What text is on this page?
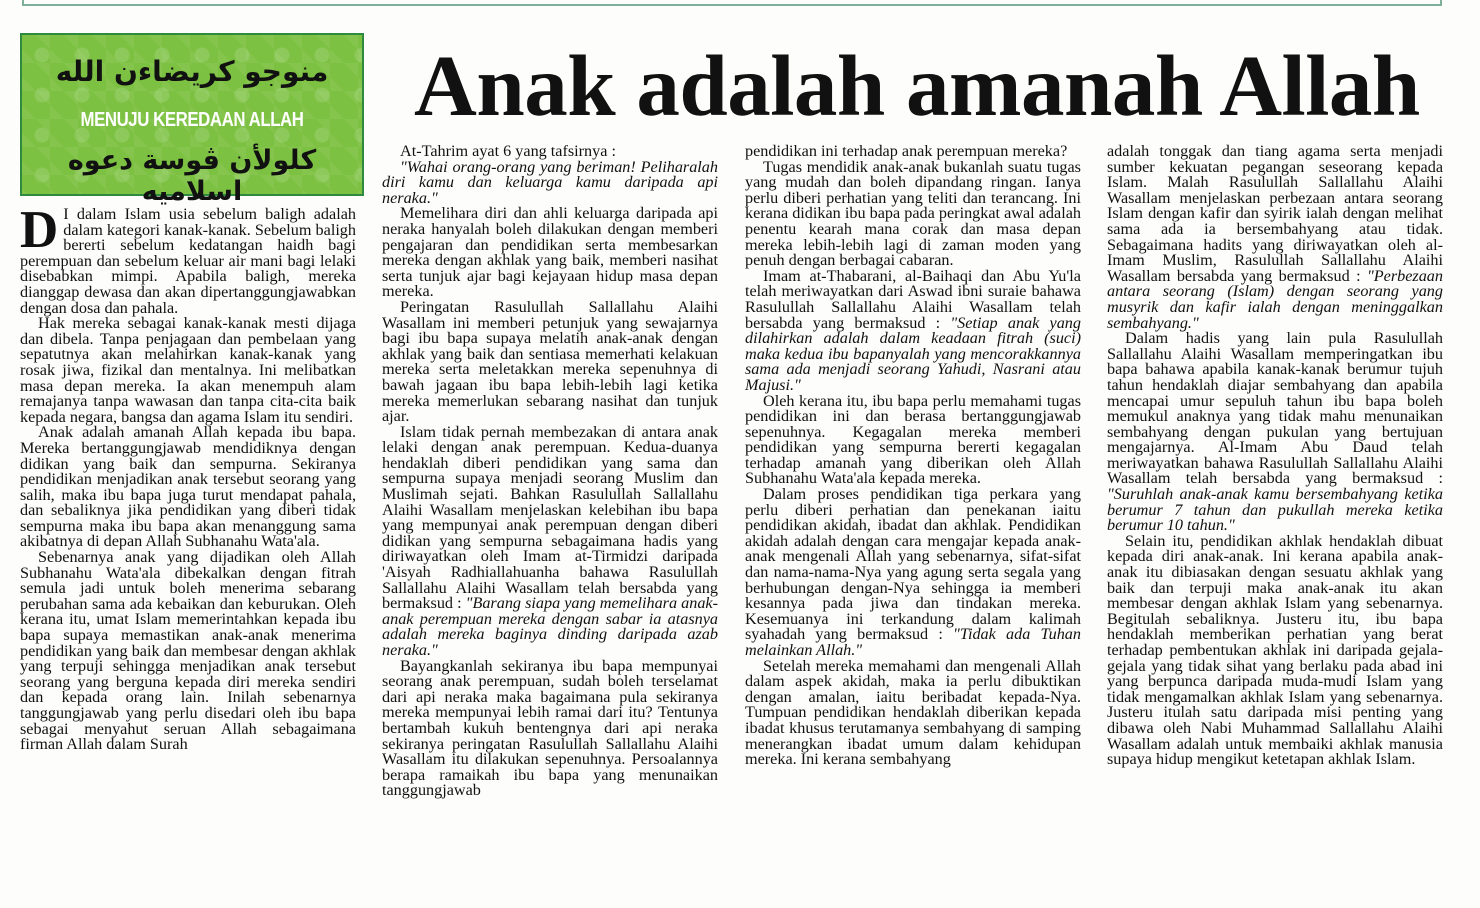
منوجو كريضاءن الله
MENUJU KEREDAAN ALLAH
كلولأن ڤوسة دعوه اسلاميه
Anak adalah amanah Allah

D I dalam Islam usia sebelum baligh adalah dalam kategori kanak-kanak. Sebelum baligh bererti sebelum kedatangan haidh bagi perempuan dan sebelum keluar air mani bagi lelaki disebabkan mimpi. Apabila baligh, mereka dianggap dewasa dan akan dipertanggungjawabkan dengan dosa dan pahala.

Hak mereka sebagai kanak-kanak mesti dijaga dan dibela. Tanpa penjagaan dan pembelaan yang sepatutnya akan melahirkan kanak-kanak yang rosak jiwa, fizikal dan mentalnya. Ini melibatkan masa depan mereka. Ia akan menempuh alam remajanya tanpa wawasan dan tanpa cita-cita baik kepada negara, bangsa dan agama Islam itu sendiri.

Anak adalah amanah Allah kepada ibu bapa. Mereka bertanggungjawab mendidiknya dengan didikan yang baik dan sempurna. Sekiranya pendidikan menjadikan anak tersebut seorang yang salih, maka ibu bapa juga turut mendapat pahala, dan sebaliknya jika pendidikan yang diberi tidak sempurna maka ibu bapa akan menanggung sama akibatnya di depan Allah Subhanahu Wata'ala.

Sebenarnya anak yang dijadikan oleh Allah Subhanahu Wata'ala dibekalkan dengan fitrah semula jadi untuk boleh menerima sebarang perubahan sama ada kebaikan dan keburukan. Oleh kerana itu, umat Islam memerintahkan kepada ibu bapa supaya memastikan anak-anak menerima pendidikan yang baik dan membesar dengan akhlak yang terpuji sehingga menjadikan anak tersebut seorang yang berguna kepada diri mereka sendiri dan kepada orang lain. Inilah sebenarnya tanggungjawab yang perlu disedari oleh ibu bapa sebagai menyahut seruan Allah sebagaimana firman Allah dalam Surah

At-Tahrim ayat 6 yang tafsirnya :

"Wahai orang-orang yang beriman! Peliharalah diri kamu dan keluarga kamu daripada api neraka."

Memelihara diri dan ahli keluarga daripada api neraka hanyalah boleh dilakukan dengan memberi pengajaran dan pendidikan serta membesarkan mereka dengan akhlak yang baik, memberi nasihat serta tunjuk ajar bagi kejayaan hidup masa depan mereka.

Peringatan Rasulullah Sallallahu Alaihi Wasallam ini memberi petunjuk yang sewajarnya bagi ibu bapa supaya melatih anak-anak dengan akhlak yang baik dan sentiasa memerhati kelakuan mereka serta meletakkan mereka sepenuhnya di bawah jagaan ibu bapa lebih-lebih lagi ketika mereka memerlukan sebarang nasihat dan tunjuk ajar.

Islam tidak pernah membezakan di antara anak lelaki dengan anak perempuan. Kedua-duanya hendaklah diberi pendidikan yang sama dan sempurna supaya menjadi seorang Muslim dan Muslimah sejati. Bahkan Rasulullah Sallallahu Alaihi Wasallam menjelaskan kelebihan ibu bapa yang mempunyai anak perempuan dengan diberi didikan yang sempurna sebagaimana hadis yang diriwayatkan oleh Imam at-Tirmidzi daripada 'Aisyah Radhiallahuanha bahawa Rasulullah Sallallahu Alaihi Wasallam telah bersabda yang bermaksud : "Barang siapa yang memelihara anak-anak perempuan mereka dengan sabar ia atasnya adalah mereka baginya dinding daripada azab neraka."

Bayangkanlah sekiranya ibu bapa mempunyai seorang anak perempuan, sudah boleh terselamat dari api neraka maka bagaimana pula sekiranya mereka mempunyai lebih ramai dari itu? Tentunya bertambah kukuh bentengnya dari api neraka sekiranya peringatan Rasulullah Sallallahu Alaihi Wasallam itu dilakukan sepenuhnya. Persoalannya berapa ramaikah ibu bapa yang menunaikan tanggungjawab

pendidikan ini terhadap anak perempuan mereka?

Tugas mendidik anak-anak bukanlah suatu tugas yang mudah dan boleh dipandang ringan. Ianya perlu diberi perhatian yang teliti dan terancang. Ini kerana didikan ibu bapa pada peringkat awal adalah penentu kearah mana corak dan masa depan mereka lebih-lebih lagi di zaman moden yang penuh dengan berbagai cabaran.

Imam at-Thabarani, al-Baihaqi dan Abu Yu'la telah meriwayatkan dari Aswad ibni suraie bahawa Rasulullah Sallallahu Alaihi Wasallam telah bersabda yang bermaksud : "Setiap anak yang dilahirkan adalah dalam keadaan fitrah (suci) maka kedua ibu bapanyalah yang mencorakkannya sama ada menjadi seorang Yahudi, Nasrani atau Majusi."

Oleh kerana itu, ibu bapa perlu memahami tugas pendidikan ini dan berasa bertanggungjawab sepenuhnya. Kegagalan mereka memberi pendidikan yang sempurna bererti kegagalan terhadap amanah yang diberikan oleh Allah Subhanahu Wata'ala kepada mereka.

Dalam proses pendidikan tiga perkara yang perlu diberi perhatian dan penekanan iaitu pendidikan akidah, ibadat dan akhlak. Pendidikan akidah adalah dengan cara mengajar kepada anak-anak mengenali Allah yang sebenarnya, sifat-sifat dan nama-nama-Nya yang agung serta segala yang berhubungan dengan-Nya sehingga ia memberi kesannya pada jiwa dan tindakan mereka. Kesemuanya ini terkandung dalam kalimah syahadah yang bermaksud : "Tidak ada Tuhan melainkan Allah."

Setelah mereka memahami dan mengenali Allah dalam aspek akidah, maka ia perlu dibuktikan dengan amalan, iaitu beribadat kepada-Nya. Tumpuan pendidikan hendaklah diberikan kepada ibadat khusus terutamanya sembahyang di samping menerangkan ibadat umum dalam kehidupan mereka. Ini kerana sembahyang

adalah tonggak dan tiang agama serta menjadi sumber kekuatan pegangan seseorang kepada Islam. Malah Rasulullah Sallallahu Alaihi Wasallam menjelaskan perbezaan antara seorang Islam dengan kafir dan syirik ialah dengan melihat sama ada ia bersembahyang atau tidak. Sebagaimana hadits yang diriwayatkan oleh al-Imam Muslim, Rasulullah Sallallahu Alaihi Wasallam bersabda yang bermaksud : "Perbezaan antara seorang (Islam) dengan seorang yang musyrik dan kafir ialah dengan meninggalkan sembahyang."

Dalam hadis yang lain pula Rasulullah Sallallahu Alaihi Wasallam memperingatkan ibu bapa bahawa apabila kanak-kanak berumur tujuh tahun hendaklah diajar sembahyang dan apabila mencapai umur sepuluh tahun ibu bapa boleh memukul anaknya yang tidak mahu menunaikan sembahyang dengan pukulan yang bertujuan mengajarnya. Al-Imam Abu Daud telah meriwayatkan bahawa Rasulullah Sallallahu Alaihi Wasallam telah bersabda yang bermaksud : "Suruhlah anak-anak kamu bersembahyang ketika berumur 7 tahun dan pukullah mereka ketika berumur 10 tahun."

Selain itu, pendidikan akhlak hendaklah dibuat kepada diri anak-anak. Ini kerana apabila anak-anak itu dibiasakan dengan sesuatu akhlak yang baik dan terpuji maka anak-anak itu akan membesar dengan akhlak Islam yang sebenarnya. Begitulah sebaliknya. Justeru itu, ibu bapa hendaklah memberikan perhatian yang berat terhadap pembentukan akhlak ini daripada gejala-gejala yang tidak sihat yang berlaku pada abad ini yang berpunca daripada muda-mudi Islam yang tidak mengamalkan akhlak Islam yang sebenarnya. Justeru itulah satu daripada misi penting yang dibawa oleh Nabi Muhammad Sallallahu Alaihi Wasallam adalah untuk membaiki akhlak manusia supaya hidup mengikut ketetapan akhlak Islam.
